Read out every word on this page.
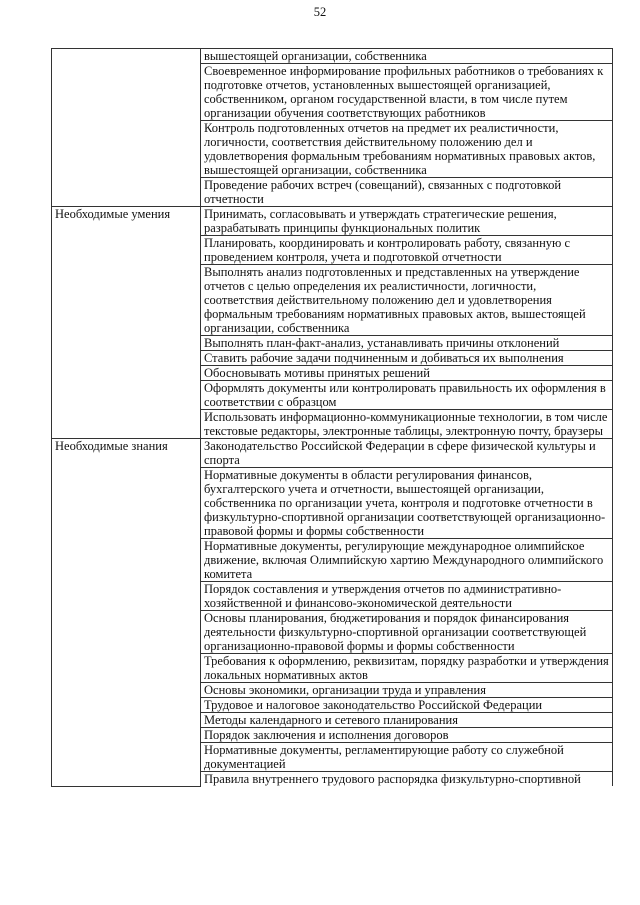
52
	вышестоящей организации, собственника
	Своевременное информирование профильных работников о требованиях к подготовке отчетов, установленных вышестоящей организацией, собственником, органом государственной власти, в том числе путем организации обучения соответствующих работников
	Контроль подготовленных отчетов на предмет их реалистичности, логичности, соответствия действительному положению дел и удовлетворения формальным требованиям нормативных правовых актов, вышестоящей организации, собственника
	Проведение рабочих встреч (совещаний), связанных с подготовкой отчетности
Необходимые умения	Принимать, согласовывать и утверждать стратегические решения, разрабатывать принципы функциональных политик
	Планировать, координировать и контролировать работу, связанную с проведением контроля, учета и подготовкой отчетности
	Выполнять анализ подготовленных и представленных на утверждение отчетов с целью определения их реалистичности, логичности, соответствия действительному положению дел и удовлетворения формальным требованиям нормативных правовых актов, вышестоящей организации, собственника
	Выполнять план-факт-анализ, устанавливать причины отклонений
	Ставить рабочие задачи подчиненным и добиваться их выполнения
	Обосновывать мотивы принятых решений
	Оформлять документы или контролировать правильность их оформления в соответствии с образцом
	Использовать информационно-коммуникационные технологии, в том числе текстовые редакторы, электронные таблицы, электронную почту, браузеры
Необходимые знания	Законодательство Российской Федерации в сфере физической культуры и спорта
	Нормативные документы в области регулирования финансов, бухгалтерского учета и отчетности, вышестоящей организации, собственника по организации учета, контроля и подготовке отчетности в физкультурно-спортивной организации соответствующей организационно-правовой формы и формы собственности
	Нормативные документы, регулирующие международное олимпийское движение, включая Олимпийскую хартию Международного олимпийского комитета
	Порядок составления и утверждения отчетов по административно-хозяйственной и финансово-экономической деятельности
	Основы планирования, бюджетирования и порядок финансирования деятельности физкультурно-спортивной организации соответствующей организационно-правовой формы и формы собственности
	Требования к оформлению, реквизитам, порядку разработки и утверждения локальных нормативных актов
	Основы экономики, организации труда и управления
	Трудовое и налоговое законодательство Российской Федерации
	Методы календарного и сетевого планирования
	Порядок заключения и исполнения договоров
	Нормативные документы, регламентирующие работу со служебной документацией
	Правила внутреннего трудового распорядка физкультурно-спортивной
